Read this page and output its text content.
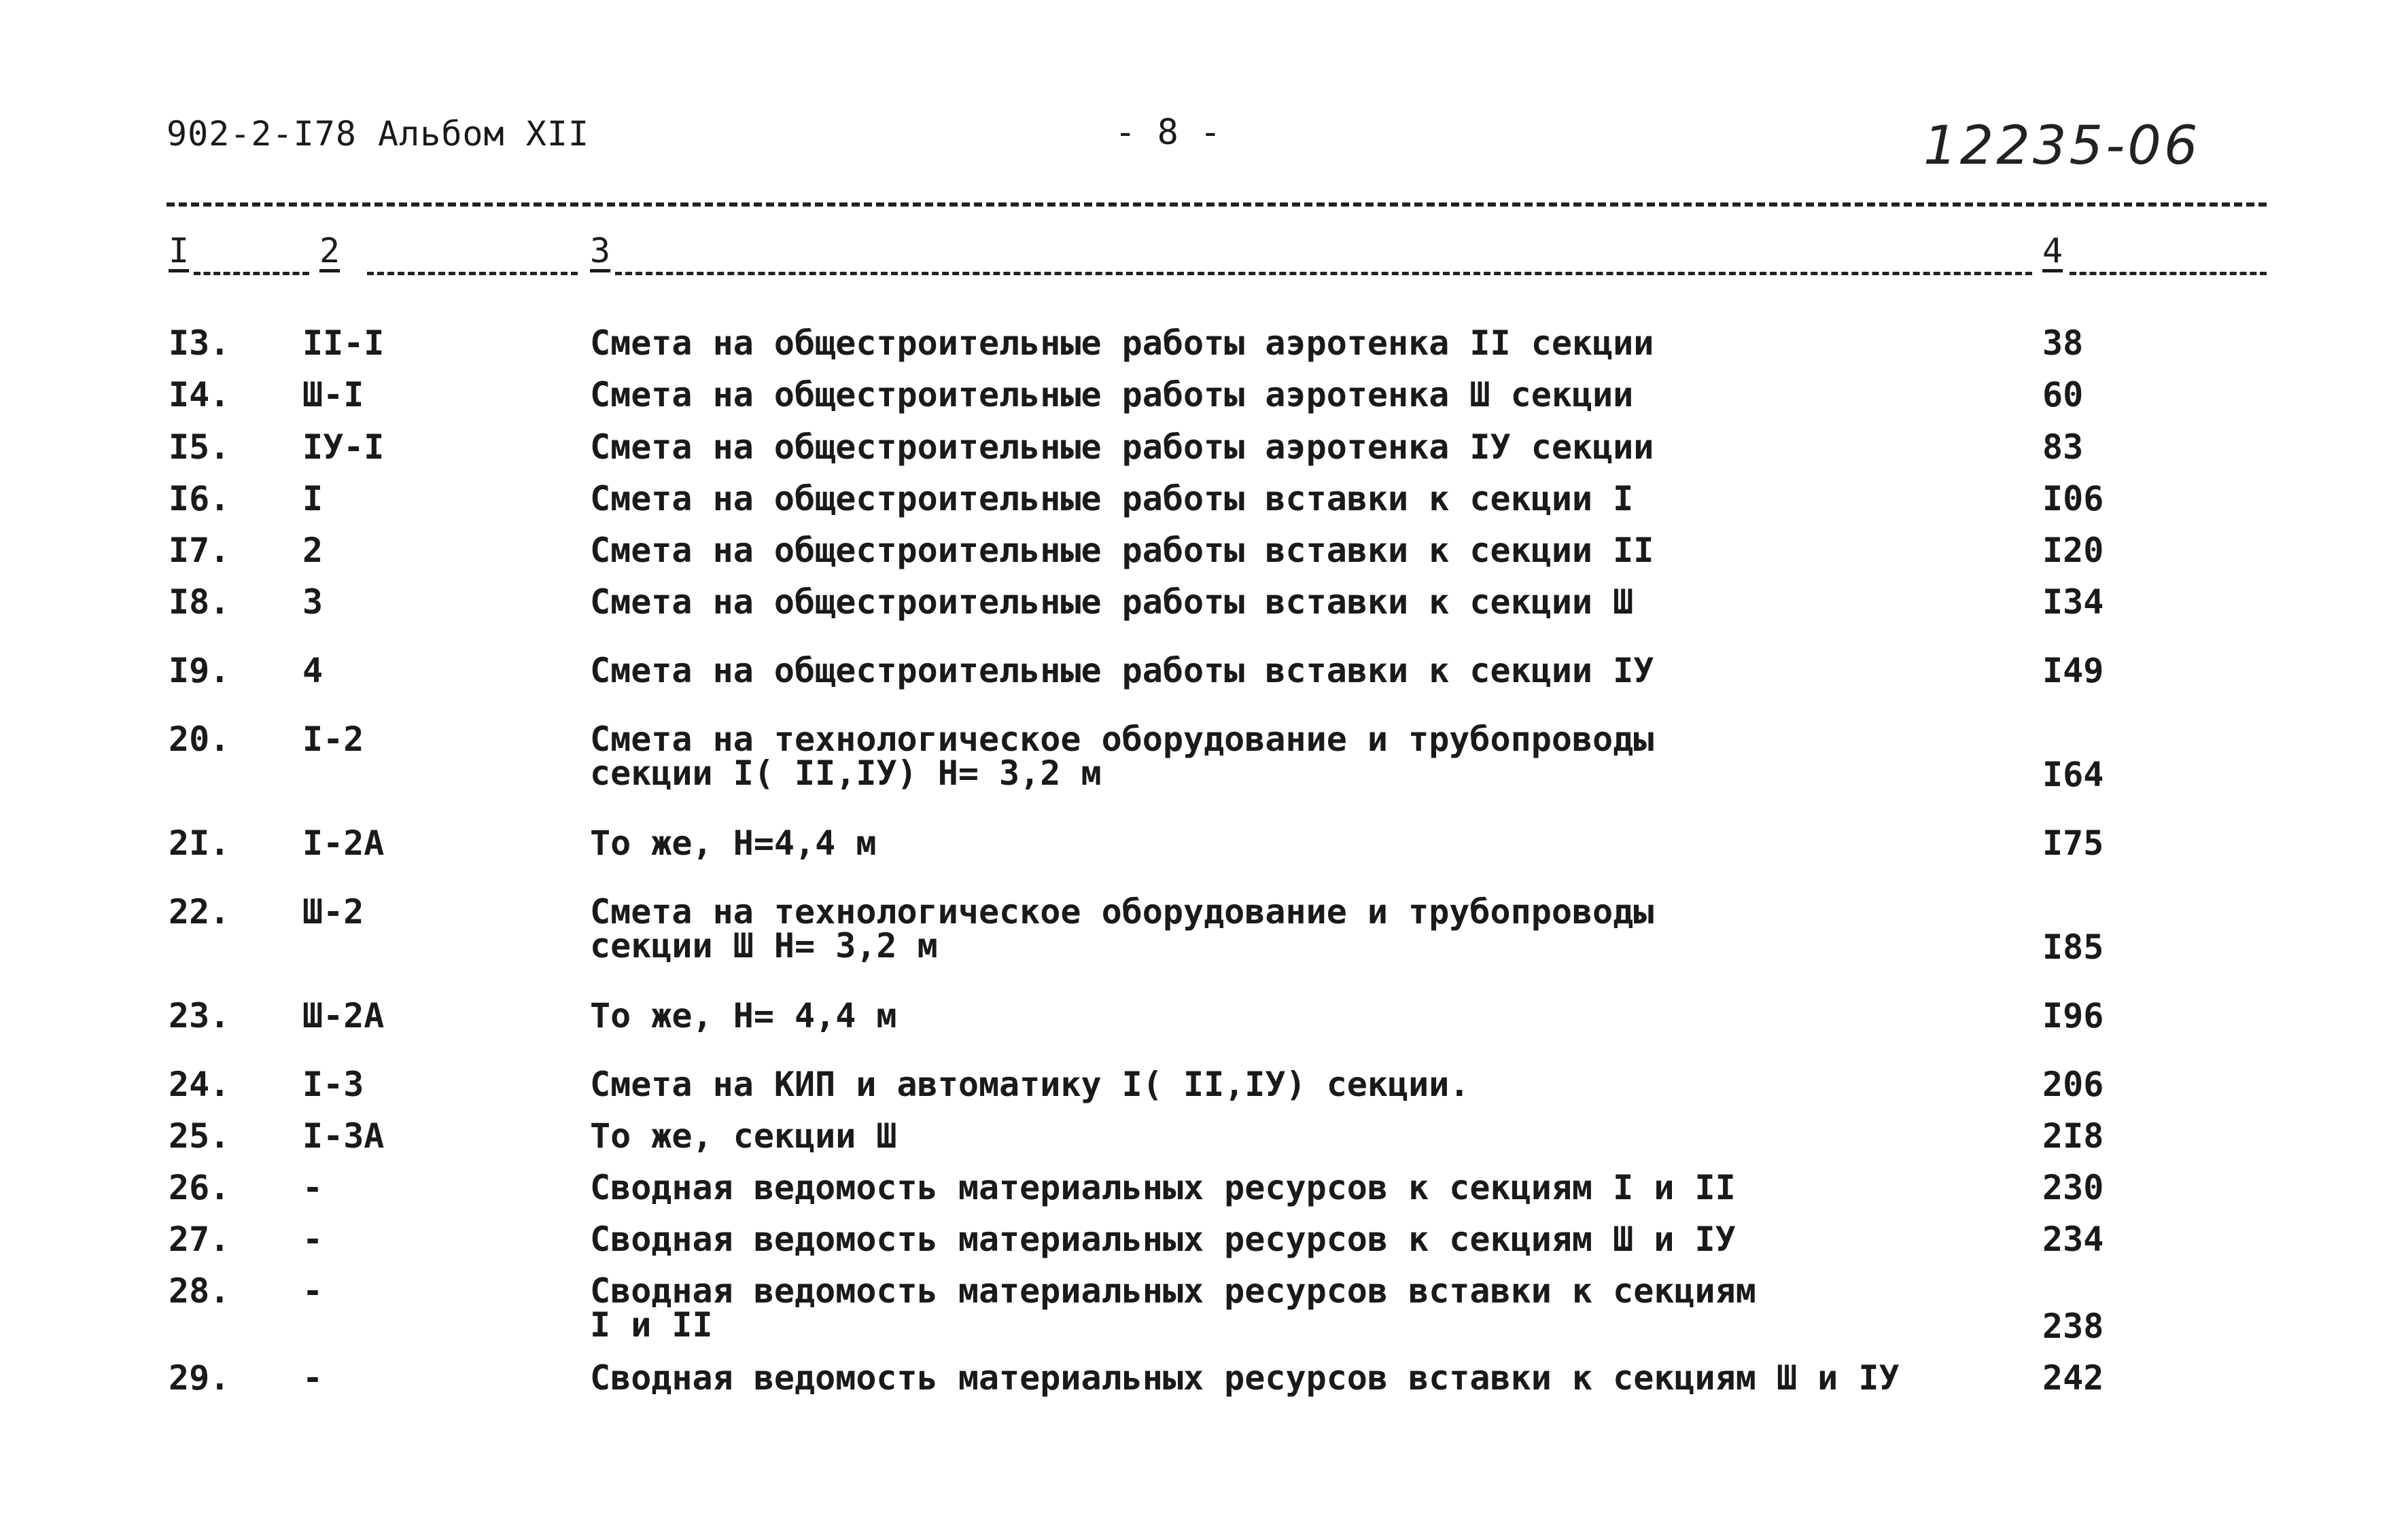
902-2-I78 Альбом XII	- 8 -	12235-06
I	2	3	4
I3. II-I	Смета на общестроительные работы аэротенка II секции	38
I4. Ш-I	Смета на общестроительные работы аэротенка Ш секции	60
I5. IУ-I	Смета на общестроительные работы аэротенка IУ секции	83
I6. I	Смета на общестроительные работы вставки к секции I	I06
I7. 2	Смета на общестроительные работы вставки к секции II	I20
I8. 3	Смета на общестроительные работы вставки к секции Ш	I34
I9. 4	Смета на общестроительные работы вставки к секции IУ	I49
20. I-2	Смета на технологическое оборудование и трубопроводы
секции I( II,IУ) H= 3,2 м	I64
2I. I-2А	То же, H=4,4 м	I75
22. Ш-2	Смета на технологическое оборудование и трубопроводы
секции Ш H= 3,2 м	I85
23. Ш-2А	То же, H= 4,4 м	I96
24. I-3	Смета на КИП и автоматику I( II,IУ) секции.	206
25. I-3А	То же, секции Ш	2I8
26. -	Сводная ведомость материальных ресурсов к секциям I и II	230
27. -	Сводная ведомость материальных ресурсов к секциям Ш и IУ	234
28. -	Сводная ведомость материальных ресурсов вставки к секциям
I и II	238
29. -	Сводная ведомость материальных ресурсов вставки к секциям Ш и IУ	242
